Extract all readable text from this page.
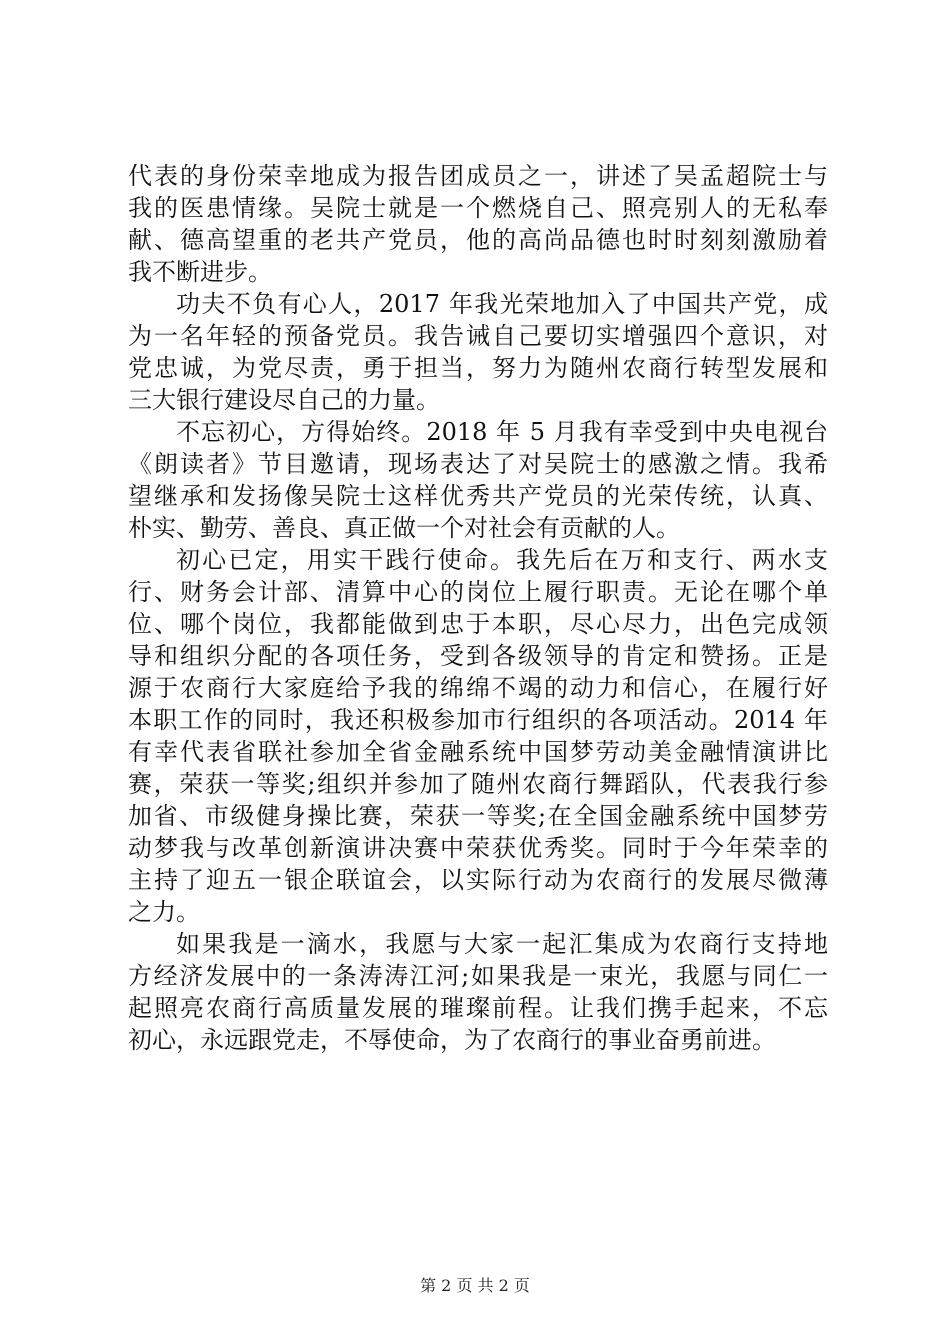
代表的身份荣幸地成为报告团成员之一，讲述了吴孟超院士与
我的医患情缘。吴院士就是一个燃烧自己、照亮别人的无私奉
献、德高望重的老共产党员，他的高尚品德也时时刻刻激励着
我不断进步。
功夫不负有心人，2017 年我光荣地加入了中国共产党，成
为一名年轻的预备党员。我告诫自己要切实增强四个意识，对
党忠诚，为党尽责，勇于担当，努力为随州农商行转型发展和
三大银行建设尽自己的力量。
不忘初心，方得始终。2018 年 5 月我有幸受到中央电视台
《朗读者》节目邀请，现场表达了对吴院士的感激之情。我希
望继承和发扬像吴院士这样优秀共产党员的光荣传统，认真、
朴实、勤劳、善良、真正做一个对社会有贡献的人。
初心已定，用实干践行使命。我先后在万和支行、两水支
行、财务会计部、清算中心的岗位上履行职责。无论在哪个单
位、哪个岗位，我都能做到忠于本职，尽心尽力，出色完成领
导和组织分配的各项任务，受到各级领导的肯定和赞扬。正是
源于农商行大家庭给予我的绵绵不竭的动力和信心，在履行好
本职工作的同时，我还积极参加市行组织的各项活动。2014 年
有幸代表省联社参加全省金融系统中国梦劳动美金融情演讲比
赛，荣获一等奖;组织并参加了随州农商行舞蹈队，代表我行参
加省、市级健身操比赛，荣获一等奖;在全国金融系统中国梦劳
动梦我与改革创新演讲决赛中荣获优秀奖。同时于今年荣幸的
主持了迎五一银企联谊会，以实际行动为农商行的发展尽微薄
之力。
如果我是一滴水，我愿与大家一起汇集成为农商行支持地
方经济发展中的一条涛涛江河;如果我是一束光，我愿与同仁一
起照亮农商行高质量发展的璀璨前程。让我们携手起来，不忘
初心，永远跟党走，不辱使命，为了农商行的事业奋勇前进。
第 2 页 共 2 页
